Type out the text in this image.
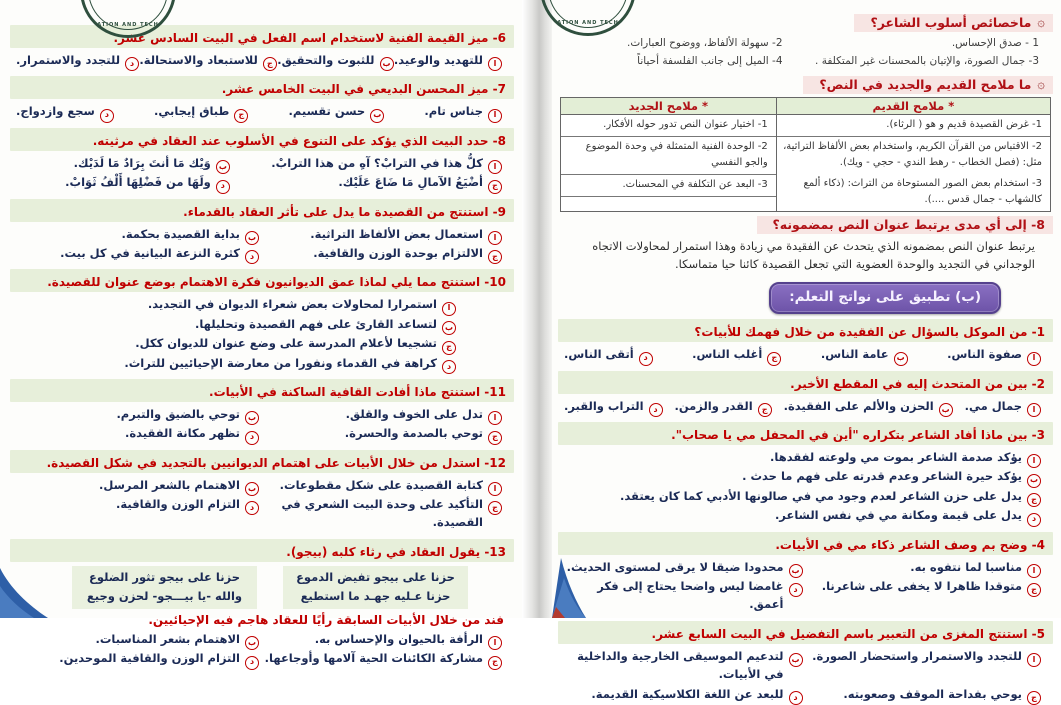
ATION AND TECH
6- ميز القيمة الفنية لاستخدام اسم الفعل في البيت السادس عشر.
ا
للتهديد والوعيد.
ب
للثبوت والتحقيق.
ج
للاستبعاد والاستحالة.
د
للتجدد والاستمرار.
7- ميز المحسن البديعي في البيت الخامس عشر.
ا
جناس تام.
ب
حسن تقسيم.
ج
طباق إيجابي.
د
سجع وازدواج.
8- حدد البيت الذي يؤكد على التنوع في الأسلوب عند العقاد في مرثيته.
ا
كلُّ هذا في الترابْ؟ آهِ من هذا الترابْ.
ب
وَيْك مَا أنتَ بِرَادٌ مَا لَدَيْك.
ج
أضْيَعُ الآمالِ مَا ضَاعَ عَلَيْك.
د
ولَهَا من فَضْلِهَا أَلْفُ ثَوَابْ.
9- استنتج من القصيدة ما يدل على تأثر العقاد بالقدماء.
ا
استعمال بعض الألفاظ التراثية.
ب
بداية القصيدة بحكمة.
ج
الالتزام بوحدة الوزن والقافية.
د
كثرة النزعة البيانية في كل بيت.
10- استنتج مما يلي لماذا عمق الديوانيون فكرة الاهتمام بوضع عنوان للقصيدة.
ا
استمرارا لمحاولات بعض شعراء الديوان في التجديد.
ب
لتساعد القارئ على فهم القصيدة وتحليلها.
ج
تشجيعا لأعلام المدرسة على وضع عنوان للديوان ككل.
د
كراهة في القدماء ونفورا من معارضة الإحيائيين للتراث.
11- استنتج ماذا أفادت القافية الساكنة في الأبيات.
ا
تدل على الخوف والقلق.
ب
توحي بالضيق والتبرم.
ج
توحي بالصدمة والحسرة.
د
تظهر مكانة الفقيدة.
12- استدل من خلال الأبيات على اهتمام الديوانيين بالتجديد في شكل القصيدة.
ا
كتابة القصيدة على شكل مقطوعات.
ب
الاهتمام بالشعر المرسل.
ج
التأكيد على وحدة البيت الشعري في القصيدة.
د
التزام الوزن والقافية.
13- يقول العقاد في رثاء كلبه (بيجو).
حزنا على بيجو تفيض الدموع
حزنا عـليه جهـد ما استطيع
حزنا على بيجو تثور الضلوع
والله -يا بيـــجو- لحزن وجيع
فند من خلال الأبيات السابقة رأيًا للعقاد هاجم فيه الإحيائيين.
ا
الرأفة بالحيوان والإحساس به.
ب
الاهتمام بشعر المناسبات.
ج
مشاركة الكائنات الحية آلامها وأوجاعها.
د
التزام الوزن والقافية الموحدين.
ATION AND TECH	۞
ماخصائص أسلوب الشاعر؟
1 - صدق الإحساس.
2- سهولة الألفاظ، ووضوح العبارات.
3- جمال الصورة، والإتيان بالمحسنات غير المتكلفة .
4- الميل إلى جانب الفلسفة أحياناً
۞
ما ملامح القديم والجديد في النص؟
* ملامح القديم
1- غرض القصيدة قديم و هو ( الرثاء).
2- الاقتباس من القرآن الكريم، واستخدام بعض الألفاظ التراثية، مثل: (فصل الخطاب - رهط الندي - حجي - ويك).
3- استخدام بعض الصور المستوحاة من التراث: (ذكاء ألمع كالشهاب - جمال قدس ....).
* ملامح الجديد
1- اختيار عنوان النص تدور حوله الأفكار.
2- الوحدة الفنية المتمثلة في وحدة الموضوع والجو النفسي
3- البعد عن التكلفة في المحسنات.
8- إلى أي مدى يرتبط عنوان النص بمضمونه؟

يرتبط عنوان النص بمضمونه الذي يتحدث عن الفقيدة مي زيادة وهذا استمرار لمحاولات الاتجاه الوجداني في التجديد والوحدة العضوية التي تجعل القصيدة كائنا حيا متماسكا.

(ب) تطبيق على نواتج التعلم:
1- من الموكل بالسؤال عن الفقيدة من خلال فهمك للأبيات؟
ا
صفوة الناس.
ب
عامة الناس.
ج
أغلب الناس.
د
أتقى الناس.
2- بين من المتحدث إليه في المقطع الأخير.
ا
جمال مي.
ب
الحزن والألم على الفقيدة.
ج
القدر والزمن.
د
التراب والقبر.
3- بين ماذا أفاد الشاعر بتكراره "أين في المحفل مي يا صحاب".
ا
يؤكد صدمة الشاعر بموت مي ولوعته لفقدها.
ب
يؤكد حيرة الشاعر وعدم قدرته على فهم ما حدث .
ج
يدل على حزن الشاعر لعدم وجود مي في صالونها الأدبي كما كان يعتقد.
د
يدل على قيمة ومكانة مي في نفس الشاعر.
4- وضح بم وصف الشاعر ذكاء مي في الأبيات.
ا
مناسبا لما نتفوه به.
ب
محدودا ضيقا لا يرقى لمستوى الحديث.
ج
متوقدا ظاهرا لا يخفى على شاعرنا.
د
غامضا ليس واضحا يحتاج إلى فكر أعمق.
5- استنتج المغزى من التعبير باسم التفضيل في البيت السابع عشر.
ا
للتجدد والاستمرار واستحضار الصورة.
ب
لتدعيم الموسيقى الخارجية والداخلية في الأبيات.
ج
يوحي بفداحة الموقف وصعوبته.
د
للبعد عن اللغة الكلاسيكية القديمة.
